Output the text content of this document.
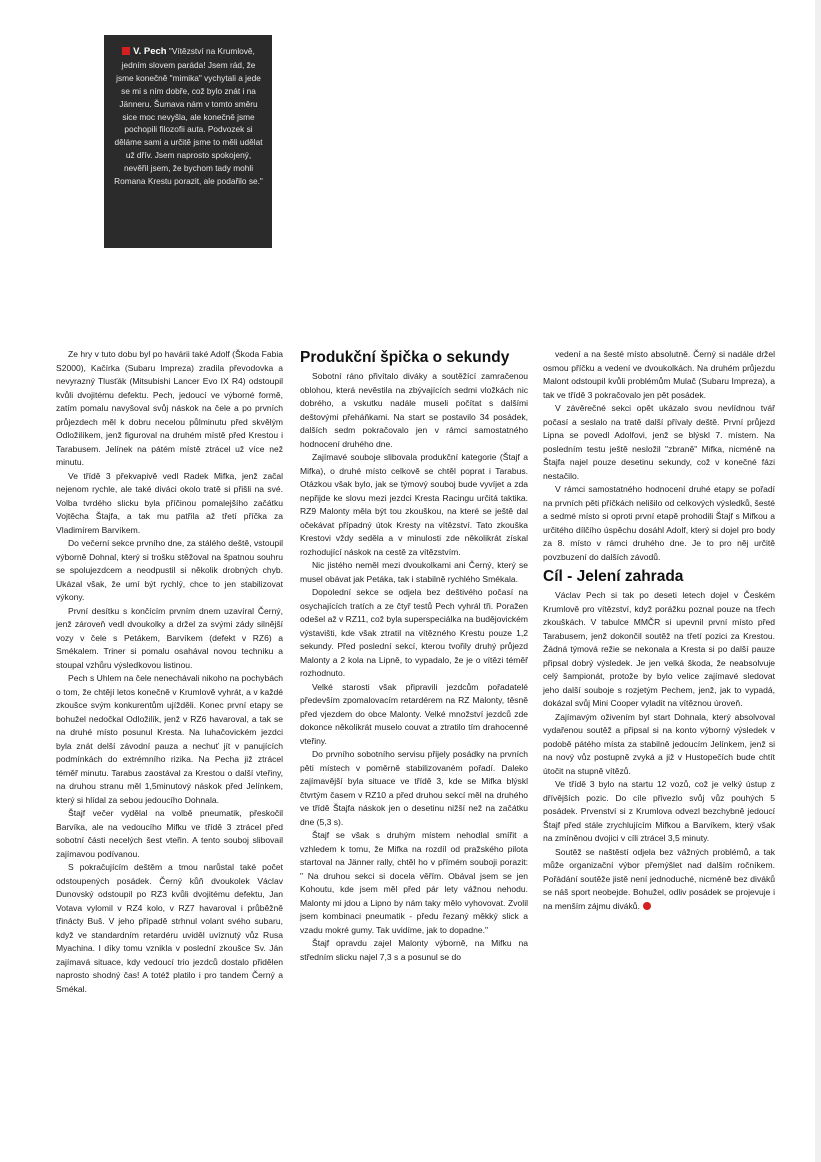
V. Pech "Vítězství na Krumlově, jedním slovem paráda! Jsem rád, že jsme konečně "mimika" vychytali a jede se mi s ním dobře, což bylo znát i na Jänneru. Šumava nám v tomto směru sice moc nevyšla, ale konečně jsme pochopili filozofii auta. Podvozek si děláme sami a určitě jsme to měli udělat už dřív. Jsem naprosto spokojený, nevěřil jsem, že bychom tady mohli Romana Krestu porazit, ale podařilo se."

Ze hry v tuto dobu byl po havárii také Adolf (Škoda Fabia S2000), Kačírka (Subaru Impreza) zradila převodovka a nevyrazný Tlusťák (Mitsubishi Lancer Evo IX R4) odstoupil kvůli dvojitému defektu. Pech, jedoucí ve výborné formě, zatím pomalu navyšoval svůj náskok na čele a po prvních průjezdech měl k dobru necelou půlminutu před skvělým Odložilíkem, jenž figuroval na druhém místě před Krestou i Tarabusem. Jelínek na pátém místě ztrácel už více než minutu.

Ve třídě 3 překvapivě vedl Radek Mifka, jenž začal nejenom rychle, ale také diváci okolo tratě si přišli na své. Volba tvrdého slicku byla příčinou pomalejšího začátku Vojtěcha Štajfa, a tak mu patřila až třetí příčka za Vladimírem Barvíkem.

Do večerní sekce prvního dne, za stálého deště, vstoupil výborně Dohnal, který si trošku stěžoval na špatnou souhru se spolujezdcem a neodpustil si několik drobných chyb. Ukázal však, že umí být rychlý, chce to jen stabilizovat výkony.

První desítku s končícím prvním dnem uzavíral Černý, jenž zároveň vedl dvoukolky a držel za svými zády silnější vozy v čele s Petákem, Barvíkem (defekt v RZ6) a Smékalem. Triner si pomalu osahával novou techniku a stoupal vzhůru výsledkovou listinou.

Pech s Uhlem na čele nenechávali nikoho na pochybách o tom, že chtějí letos konečně v Krumlově vyhrát, a v každé zkoušce svým konkurentům ujížděli. Konec první etapy se bohužel nedočkal Odložilík, jenž v RZ6 havaroval, a tak se na druhé místo posunul Kresta. Na luhačovickém jezdci byla znát delší závodní pauza a nechuť jít v panujících podmínkách do extrémního rizika. Na Pecha již ztrácel téměř minutu. Tarabus zaostával za Krestou o další vteřiny, na druhou stranu měl 1,5minutový náskok před Jelínkem, který si hlídal za sebou jedoucího Dohnala.

Štajf večer vydělal na volbě pneumatik, přeskočil Barvíka, ale na vedoucího Mifku ve třídě 3 ztrácel před sobotní části necelých šest vteřin. A tento souboj slibovail zajímavou podívanou.

S pokračujícím deštěm a tmou narůstal také počet odstoupených posádek. Černý kůň dvoukolek Václav Dunovský odstoupil po RZ3 kvůli dvojitému defektu, Jan Votava vylomil v RZ4 kolo, v RZ7 havaroval i průběžně třinácty Buš. V jeho případě strhnul volant svého subaru, když ve standardním retardéru uviděl uvíznutý vůz Rusa Myachina. I díky tomu vznikla v poslední zkoušce Sv. Ján zajímavá situace, kdy vedoucí trio jezdců dostalo přidělen naprosto shodný čas! A totéž platilo i pro tandem Černý a Smékal.

Produkční špička o sekundy

Sobotní ráno přivítalo diváky a soutěžící zamračenou oblohou, která nevěstila na zbývajících sedmi vložkách nic dobrého, a vskutku nadále museli počítat s dalšími deštovými přeháňkami. Na start se postavilo 34 posádek, dalších sedm pokračovalo jen v rámci samostatného hodnocení druhého dne.

Zajímavé souboje slibovala produkční kategorie (Štajf a Mifka), o druhé místo celkově se chtěl poprat i Tarabus. Otázkou však bylo, jak se týmový souboj bude vyvíjet a zda nepřijde ke slovu mezi jezdci Kresta Racingu určitá taktika. RZ9 Malonty měla být tou zkouškou, na které se ještě dal očekávat případný útok Kresty na vítězství. Tato zkouška Krestovi vždy seděla a v minulosti zde několikrát získal rozhodující náskok na cestě za vítězstvím.

Nic jistého neměl mezi dvoukolkami ani Černý, který se musel obávat jak Petáka, tak i stabilně rychlého Smékala.

Dopolední sekce se odjela bez deštivého počasí na osychajících tratích a ze čtyř testů Pech vyhrál tři. Poražen odešel až v RZ11, což byla superspeciálka na budějovickém výstavišti, kde však ztratil na vítězného Krestu pouze 1,2 sekundy. Před poslední sekcí, kterou tvořily druhý průjezd Malonty a 2 kola na Lipně, to vypadalo, že je o vítězi téměř rozhodnuto.

Velké starosti však připravili jezdcům pořadatelé především zpomalovacím retardérem na RZ Malonty, těsně před vjezdem do obce Malonty. Velké množství jezdců zde dokonce několikrát muselo couvat a ztratilo tím drahocenné vteřiny.

Do prvního sobotního servisu přijely posádky na prvních pěti místech v poměrně stabilizovaném pořadí. Daleko zajímavější byla situace ve třídě 3, kde se Mifka blýskl čtvrtým časem v RZ10 a před druhou sekcí měl na druhého ve třídě Štajfa náskok jen o desetinu nižší než na začátku dne (5,3 s).

Štajf se však s druhým místem nehodlal smířit a vzhledem k tomu, že Mifka na rozdíl od pražského pilota startoval na Jänner rally, chtěl ho v přímém souboji porazit: " Na druhou sekci si docela věřím. Obával jsem se jen Kohoutu, kde jsem měl před pár lety vážnou nehodu. Malonty mi jdou a Lipno by nám taky mělo vyhovovat. Zvolil jsem kombinaci pneumatik - předu řezaný měkký slick a vzadu mokré gumy. Tak uvidíme, jak to dopadne."

Štajf opravdu zajel Malonty výborně, na Mifku na středním slicku najel 7,3 s a posunul se do

vedení a na šesté místo absolutně. Černý si nadále držel osmou příčku a vedení ve dvoukolkách. Na druhém průjezdu Malont odstoupil kvůli problémům Mulač (Subaru Impreza), a tak ve třídě 3 pokračovalo jen pět posádek.

V závěrečné sekci opět ukázalo svou nevlídnou tvář počasí a seslalo na tratě další přívaly deště. První průjezd Lipna se povedl Adolfovi, jenž se blýskl 7. místem. Na posledním testu ještě nesložil "zbraně" Mifka, nicméně na Štajfa najel pouze desetinu sekundy, což v konečné fázi nestačilo.

V rámci samostatného hodnocení druhé etapy se pořadí na prvních pěti příčkách nelišilo od celkových výsledků, šesté a sedmé místo si oproti první etapě prohodili Štajf s Mifkou a určitého dílčího úspěchu dosáhl Adolf, který si dojel pro body za 8. místo v rámci druhého dne. Je to pro něj určitě povzbuzení do dalších závodů.

Cíl - Jelení zahrada

Václav Pech si tak po deseti letech dojel v Českém Krumlově pro vítězství, když porážku poznal pouze na třech zkouškách. V tabulce MMČR si upevnil první místo před Tarabusem, jenž dokončil soutěž na třetí pozici za Krestou. Žádná týmová režie se nekonala a Kresta si po další pauze připsal dobrý výsledek. Je jen velká škoda, že neabsolvuje celý šampionát, protože by bylo velice zajímavé sledovat jeho další souboje s rozjetým Pechem, jenž, jak to vypadá, dokázal svůj Mini Cooper vyladit na vítěznou úroveň.

Zajímavým oživením byl start Dohnala, který absolvoval vydařenou soutěž a připsal si na konto výborný výsledek v podobě pátého místa za stabilně jedoucím Jelínkem, jenž si na nový vůz postupně zvyká a již v Hustopečích bude chtít útočit na stupně vítězů.

Ve třídě 3 bylo na startu 12 vozů, což je velký ústup z dřívějších pozic. Do cíle přivezlo svůj vůz pouhých 5 posádek. Prvenství si z Krumlova odvezl bezchybně jedoucí Štajf před stále zrychlujícím Mifkou a Barvíkem, který však na zmíněnou dvojici v cíli ztrácel 3,5 minuty.

Soutěž se naštěstí odjela bez vážných problémů, a tak může organizační výbor přemýšlet nad dalším ročníkem. Pořádání soutěže jistě není jednoduché, nicméně bez diváků se náš sport neobejde. Bohužel, odliv posádek se projevuje i na menším zájmu diváků.
